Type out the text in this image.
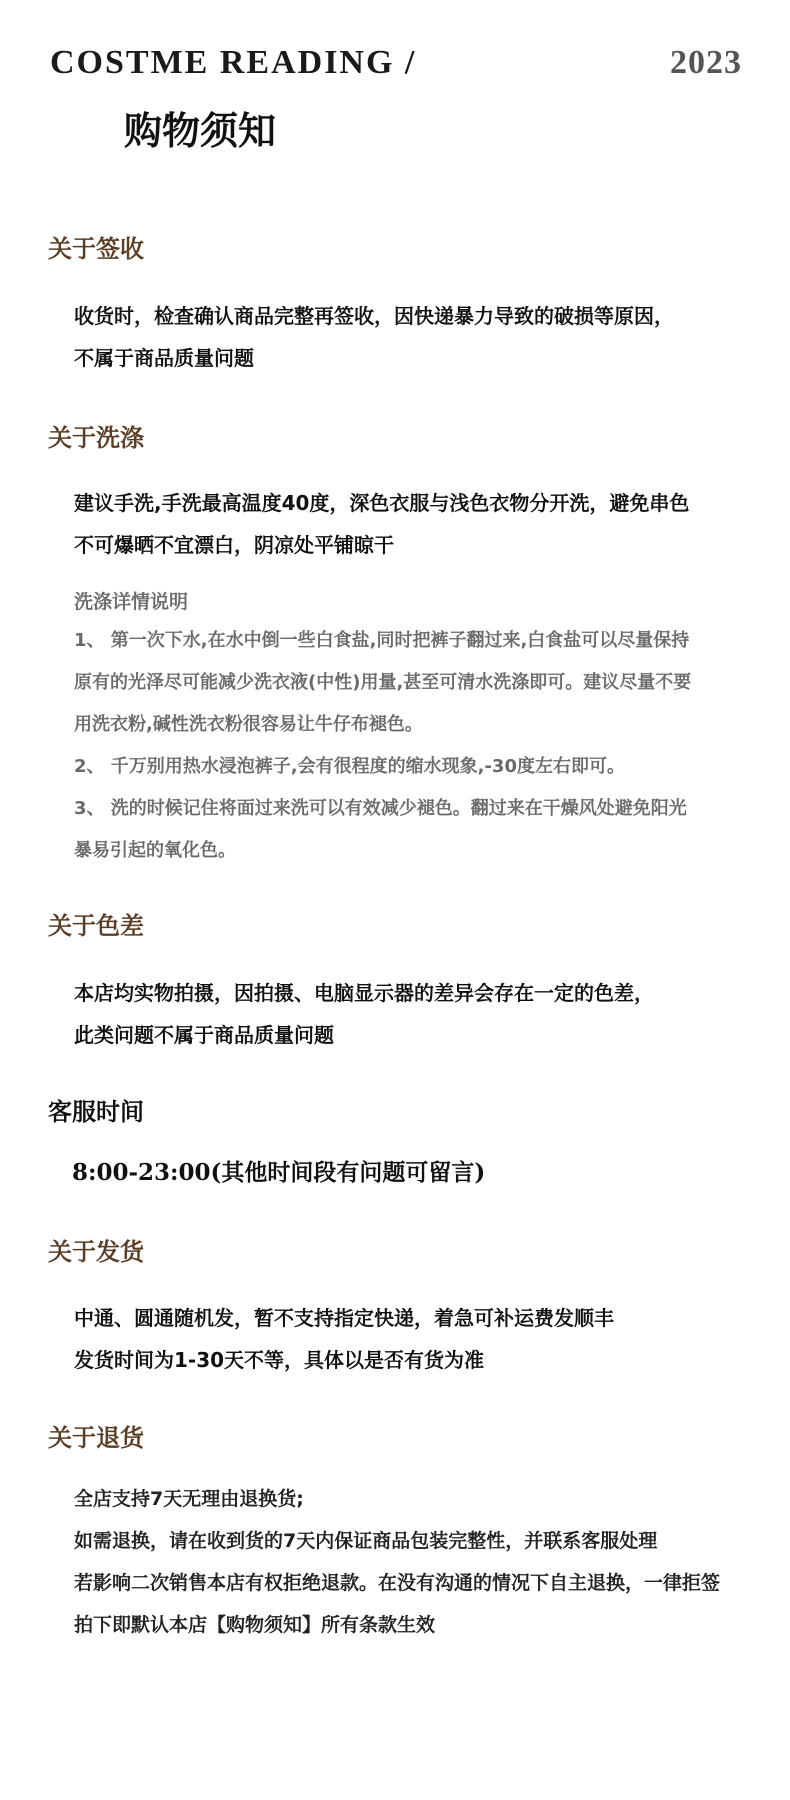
COSTME READING /	2023
购物须知
关于签收
收货时，检查确认商品完整再签收，因快递暴力导致的破损等原因，
不属于商品质量问题
关于洗涤
建议手洗,手洗最高温度40度，深色衣服与浅色衣物分开洗，避免串色
不可爆晒不宜漂白，阴凉处平铺晾干
洗涤详情说明
1、 第一次下水,在水中倒一些白食盐,同时把裤子翻过来,白食盐可以尽量保持
原有的光泽尽可能减少洗衣液(中性)用量,甚至可清水洗涤即可。建议尽量不要
用洗衣粉,碱性洗衣粉很容易让牛仔布褪色。
2、 千万别用热水浸泡裤子,会有很程度的缩水现象,-30度左右即可。
3、 洗的时候记住将面过来洗可以有效减少褪色。翻过来在干燥风处避免阳光
暴易引起的氧化色。
关于色差
本店均实物拍摄，因拍摄、电脑显示器的差异会存在一定的色差，
此类问题不属于商品质量问题
客服时间
8:00-23:00(其他时间段有问题可留言)
关于发货
中通、圆通随机发，暂不支持指定快递，着急可补运费发顺丰
发货时间为1-30天不等，具体以是否有货为准
关于退货
全店支持7天无理由退换货;
如需退换，请在收到货的7天内保证商品包装完整性，并联系客服处理
若影响二次销售本店有权拒绝退款。在没有沟通的情况下自主退换，一律拒签
拍下即默认本店【购物须知】所有条款生效
